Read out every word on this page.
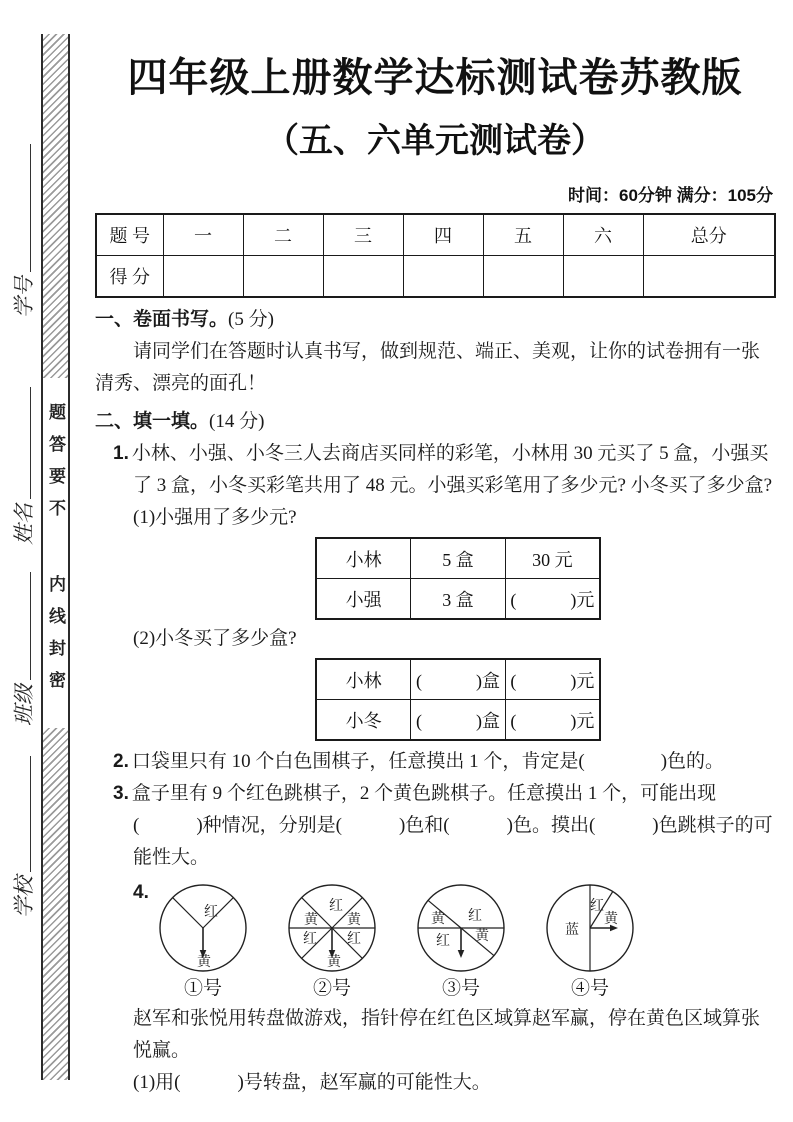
学号
姓名
班级
学校
题答要不
内线封密
四年级上册数学达标测试卷苏教版
（五、六单元测试卷）
时间：60分钟 满分：105分
题 号	一	二	三	四	五	六	总分
得 分							
一、卷面书写。(5 分)

请同学们在答题时认真书写，做到规范、端正、美观，让你的试卷拥有一张清秀、漂亮的面孔！

二、填一填。(14 分)
1. 小林、小强、小冬三人去商店买同样的彩笔，小林用 30 元买了 5 盒，小强买了 3 盒，小冬买彩笔共用了 48 元。小强买彩笔用了多少元? 小冬买了多少盒?
(1)小强用了多少元?
小林	5 盒	30 元
小强	3 盒	(　　　)元
(2)小冬买了多少盒?
小林	(　　　)盒	(　　　)元
小冬	(　　　)盒	(　　　)元
2. 口袋里只有 10 个白色围棋子，任意摸出 1 个，肯定是(　　　　)色的。
3. 盒子里有 9 个红色跳棋子，2 个黄色跳棋子。任意摸出 1 个，可能出现(　　　)种情况，分别是(　　　)色和(　　　)色。摸出(　　　)色跳棋子的可能性大。
4.
红
黄
①号
红
黄 黄
红 红
黄
②号
黄 红
红 黄
③号
蓝
红
黄
④号
赵军和张悦用转盘做游戏，指针停在红色区域算赵军赢，停在黄色区域算张悦赢。
(1)用(　　　)号转盘，赵军赢的可能性大。
